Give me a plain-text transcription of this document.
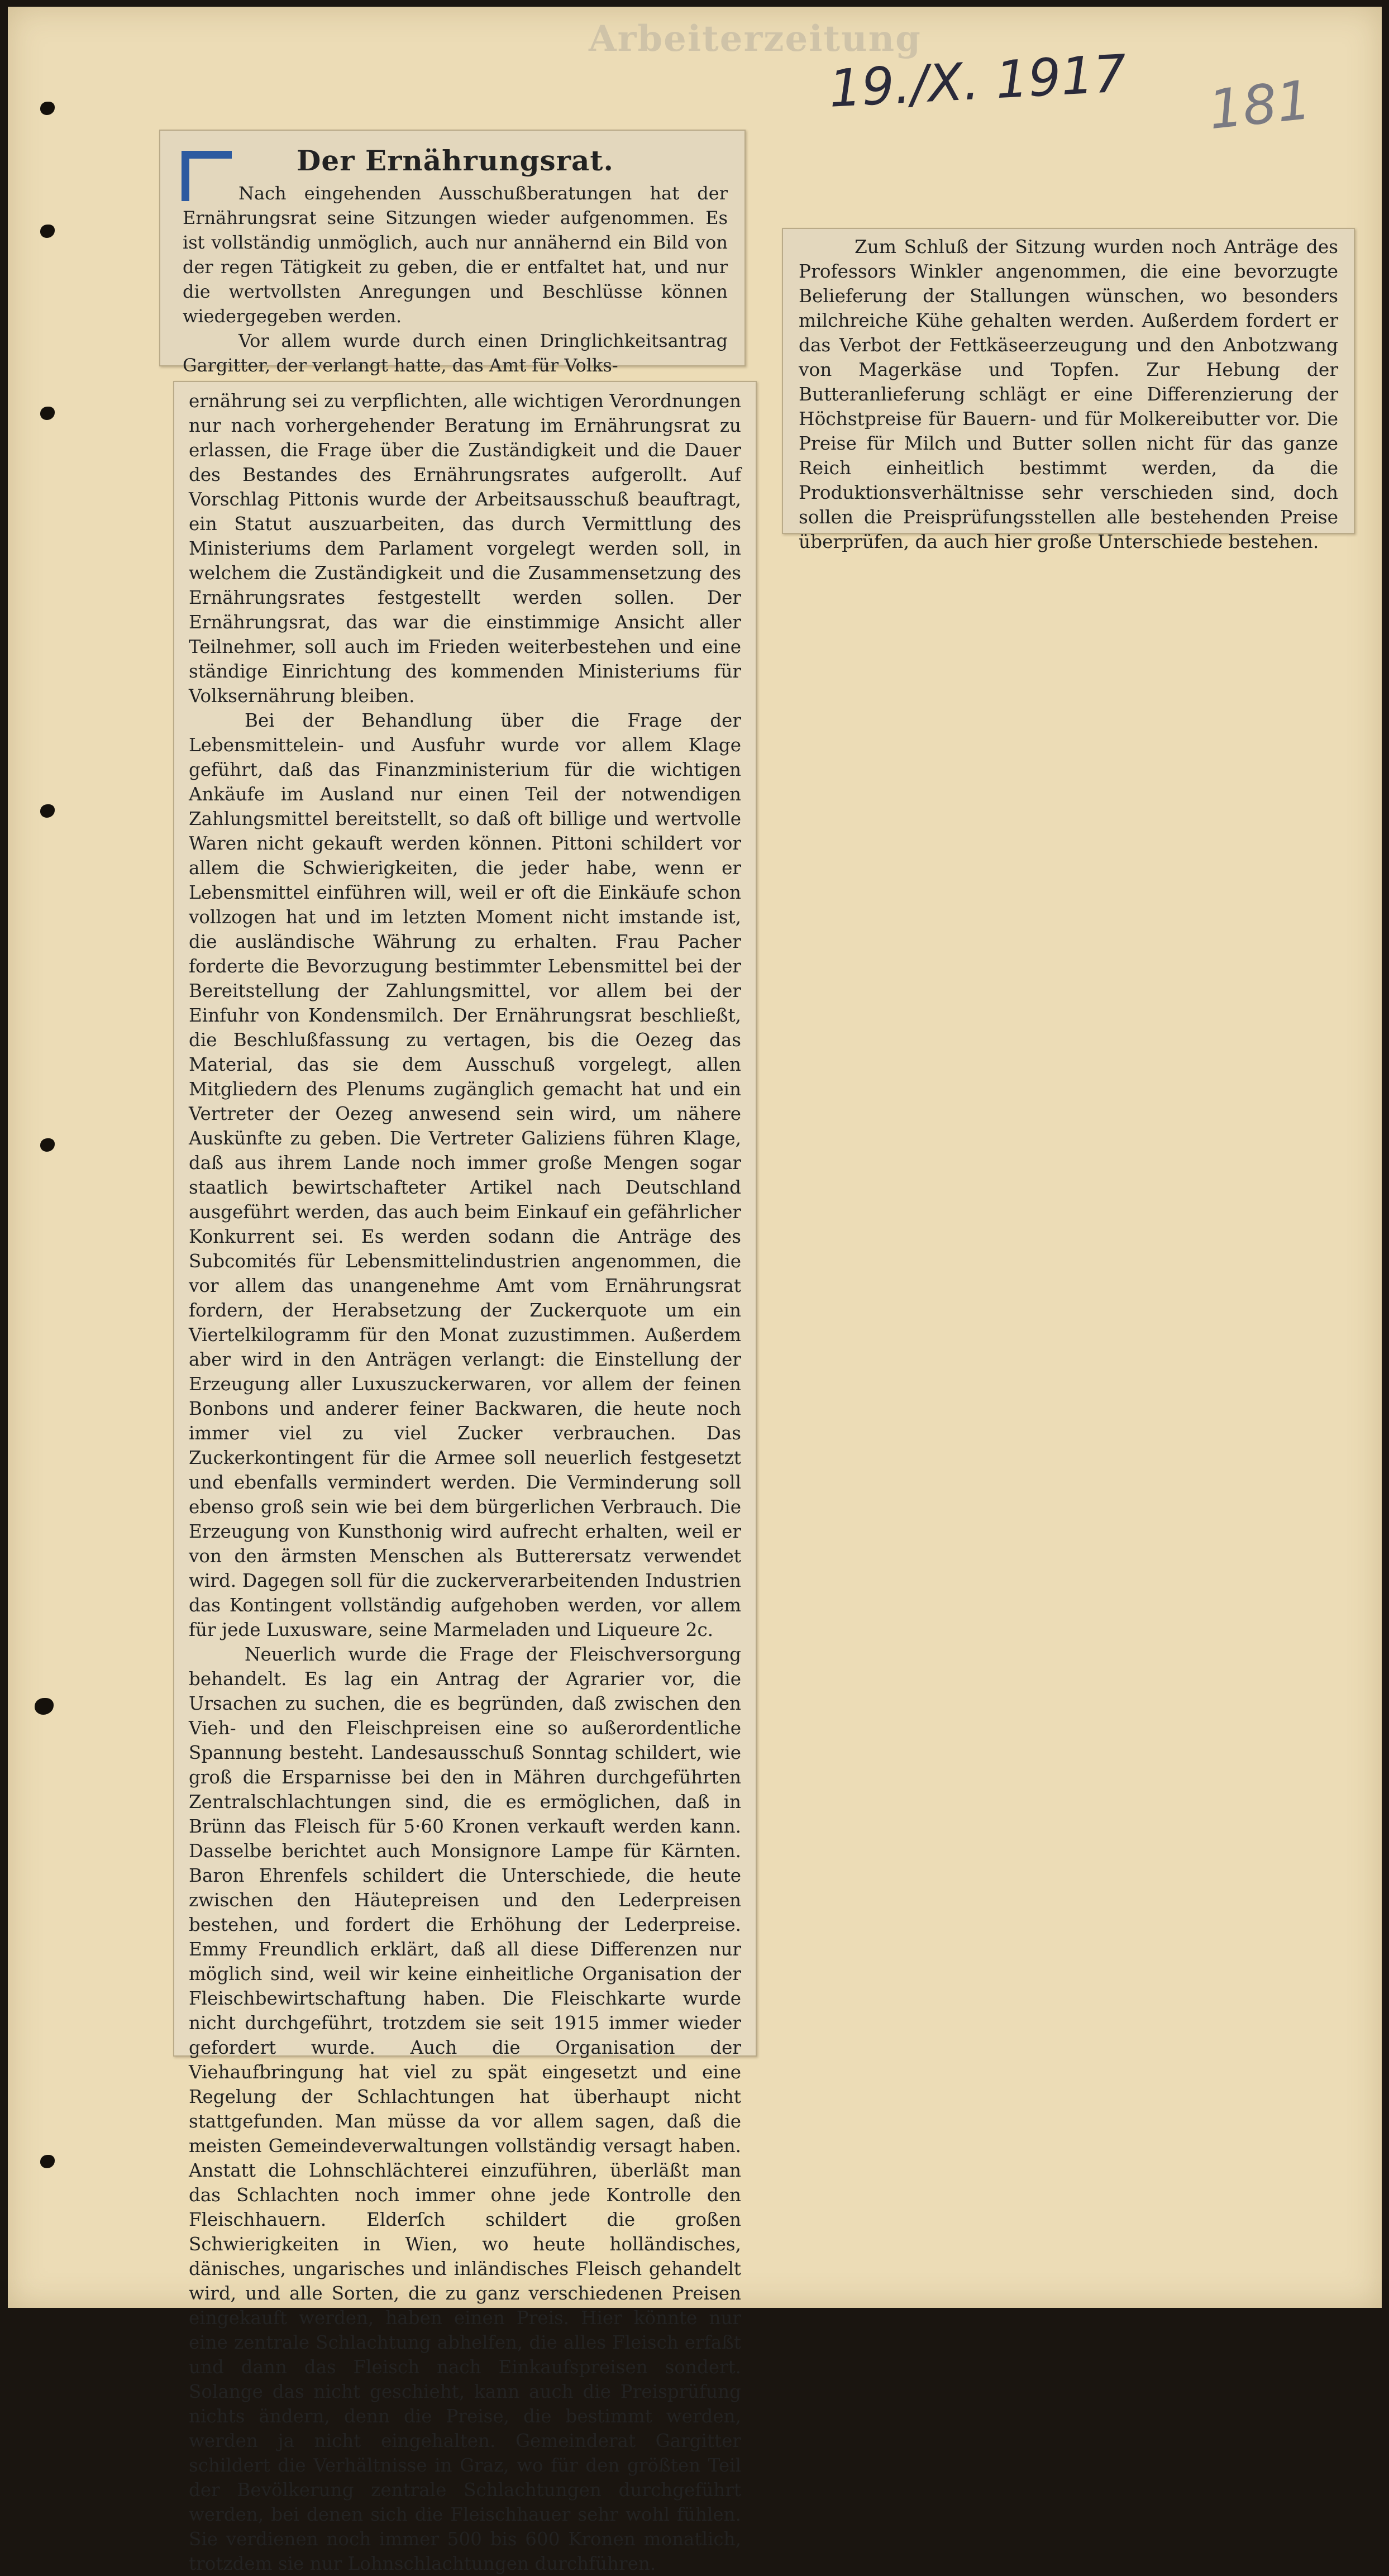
Arbeiterzeitung
19./X. 1917 181
Der Ernährungsrat.

Nach eingehenden Ausschußberatungen hat der Ernährungsrat seine Sitzungen wieder aufgenommen. Es ist vollständig unmöglich, auch nur annähernd ein Bild von der regen Tätigkeit zu geben, die er entfaltet hat, und nur die wertvollsten Anregungen und Beschlüsse können wiedergegeben werden.

Vor allem wurde durch einen Dringlichkeitsantrag Gargitter, der verlangt hatte, das Amt für Volks-

ernährung sei zu verpflichten, alle wichtigen Verordnungen nur nach vorhergehender Beratung im Ernährungsrat zu erlassen, die Frage über die Zuständigkeit und die Dauer des Bestandes des Ernährungsrates aufgerollt. Auf Vorschlag Pittonis wurde der Arbeitsausschuß beauftragt, ein Statut auszuarbeiten, das durch Vermittlung des Ministeriums dem Parlament vorgelegt werden soll, in welchem die Zuständigkeit und die Zusammensetzung des Ernährungsrates festgestellt werden sollen. Der Ernährungsrat, das war die einstimmige Ansicht aller Teilnehmer, soll auch im Frieden weiterbestehen und eine ständige Einrichtung des kommenden Ministeriums für Volksernährung bleiben.

Bei der Behandlung über die Frage der Lebensmittelein- und Ausfuhr wurde vor allem Klage geführt, daß das Finanzministerium für die wichtigen Ankäufe im Ausland nur einen Teil der notwendigen Zahlungsmittel bereitstellt, so daß oft billige und wertvolle Waren nicht gekauft werden können. Pittoni schildert vor allem die Schwierigkeiten, die jeder habe, wenn er Lebensmittel einführen will, weil er oft die Einkäufe schon vollzogen hat und im letzten Moment nicht imstande ist, die ausländische Währung zu erhalten. Frau Pacher forderte die Bevorzugung bestimmter Lebensmittel bei der Bereitstellung der Zahlungsmittel, vor allem bei der Einfuhr von Kondensmilch. Der Ernährungsrat beschließt, die Beschlußfassung zu vertagen, bis die Oezeg das Material, das sie dem Ausschuß vorgelegt, allen Mitgliedern des Plenums zugänglich gemacht hat und ein Vertreter der Oezeg anwesend sein wird, um nähere Auskünfte zu geben. Die Vertreter Galiziens führen Klage, daß aus ihrem Lande noch immer große Mengen sogar staatlich bewirtschafteter Artikel nach Deutschland ausgeführt werden, das auch beim Einkauf ein gefährlicher Konkurrent sei. Es werden sodann die Anträge des Subcomités für Lebensmittelindustrien angenommen, die vor allem das unangenehme Amt vom Ernährungsrat fordern, der Herabsetzung der Zuckerquote um ein Viertelkilogramm für den Monat zuzustimmen. Außerdem aber wird in den Anträgen verlangt: die Einstellung der Erzeugung aller Luxuszuckerwaren, vor allem der feinen Bonbons und anderer feiner Backwaren, die heute noch immer viel zu viel Zucker verbrauchen. Das Zuckerkontingent für die Armee soll neuerlich festgesetzt und ebenfalls vermindert werden. Die Verminderung soll ebenso groß sein wie bei dem bürgerlichen Verbrauch. Die Erzeugung von Kunsthonig wird aufrecht erhalten, weil er von den ärmsten Menschen als Butterersatz verwendet wird. Dagegen soll für die zuckerverarbeitenden Industrien das Kontingent vollständig aufgehoben werden, vor allem für jede Luxusware, seine Marmeladen und Liqueure 2c.

Neuerlich wurde die Frage der Fleischversorgung behandelt. Es lag ein Antrag der Agrarier vor, die Ursachen zu suchen, die es begründen, daß zwischen den Vieh- und den Fleischpreisen eine so außerordentliche Spannung besteht. Landesausschuß Sonntag schildert, wie groß die Ersparnisse bei den in Mähren durchgeführten Zentralschlachtungen sind, die es ermöglichen, daß in Brünn das Fleisch für 5·60 Kronen verkauft werden kann. Dasselbe berichtet auch Monsignore Lampe für Kärnten. Baron Ehrenfels schildert die Unterschiede, die heute zwischen den Häutepreisen und den Lederpreisen bestehen, und fordert die Erhöhung der Lederpreise. Emmy Freundlich erklärt, daß all diese Differenzen nur möglich sind, weil wir keine einheitliche Organisation der Fleischbewirtschaftung haben. Die Fleischkarte wurde nicht durchgeführt, trotzdem sie seit 1915 immer wieder gefordert wurde. Auch die Organisation der Viehaufbringung hat viel zu spät eingesetzt und eine Regelung der Schlachtungen hat überhaupt nicht stattgefunden. Man müsse da vor allem sagen, daß die meisten Gemeindeverwaltungen vollständig versagt haben. Anstatt die Lohnschlächterei einzuführen, überläßt man das Schlachten noch immer ohne jede Kontrolle den Fleischhauern. Elderſch schildert die großen Schwierigkeiten in Wien, wo heute holländisches, dänisches, ungarisches und inländisches Fleisch gehandelt wird, und alle Sorten, die zu ganz verschiedenen Preisen eingekauft werden, haben einen Preis. Hier könnte nur eine zentrale Schlachtung abhelfen, die alles Fleisch erfaßt und dann das Fleisch nach Einkaufspreisen sondert. Solange das nicht geschieht, kann auch die Preisprüfung nichts ändern, denn die Preise, die bestimmt werden, werden ja nicht eingehalten. Gemeinderat Gargitter schildert die Verhältnisse in Graz, wo für den größten Teil der Bevölkerung zentrale Schlachtungen durchgeführt werden, bei denen sich die Fleischhauer sehr wohl fühlen. Sie verdienen noch immer 500 bis 600 Kronen monatlich, trotzdem sie nur Lohnschlachtungen durchführen.

Zum Schluß der Sitzung wurden noch Anträge des Professors Winkler angenommen, die eine bevorzugte Belieferung der Stallungen wünschen, wo besonders milchreiche Kühe gehalten werden. Außerdem fordert er das Verbot der Fettkäseerzeugung und den Anbotzwang von Magerkäse und Topfen. Zur Hebung der Butteranlieferung schlägt er eine Differenzierung der Höchstpreise für Bauern- und für Molkereibutter vor. Die Preise für Milch und Butter sollen nicht für das ganze Reich einheitlich bestimmt werden, da die Produktionsverhältnisse sehr verschieden sind, doch sollen die Preisprüfungsstellen alle bestehenden Preise überprüfen, da auch hier große Unterschiede bestehen.
